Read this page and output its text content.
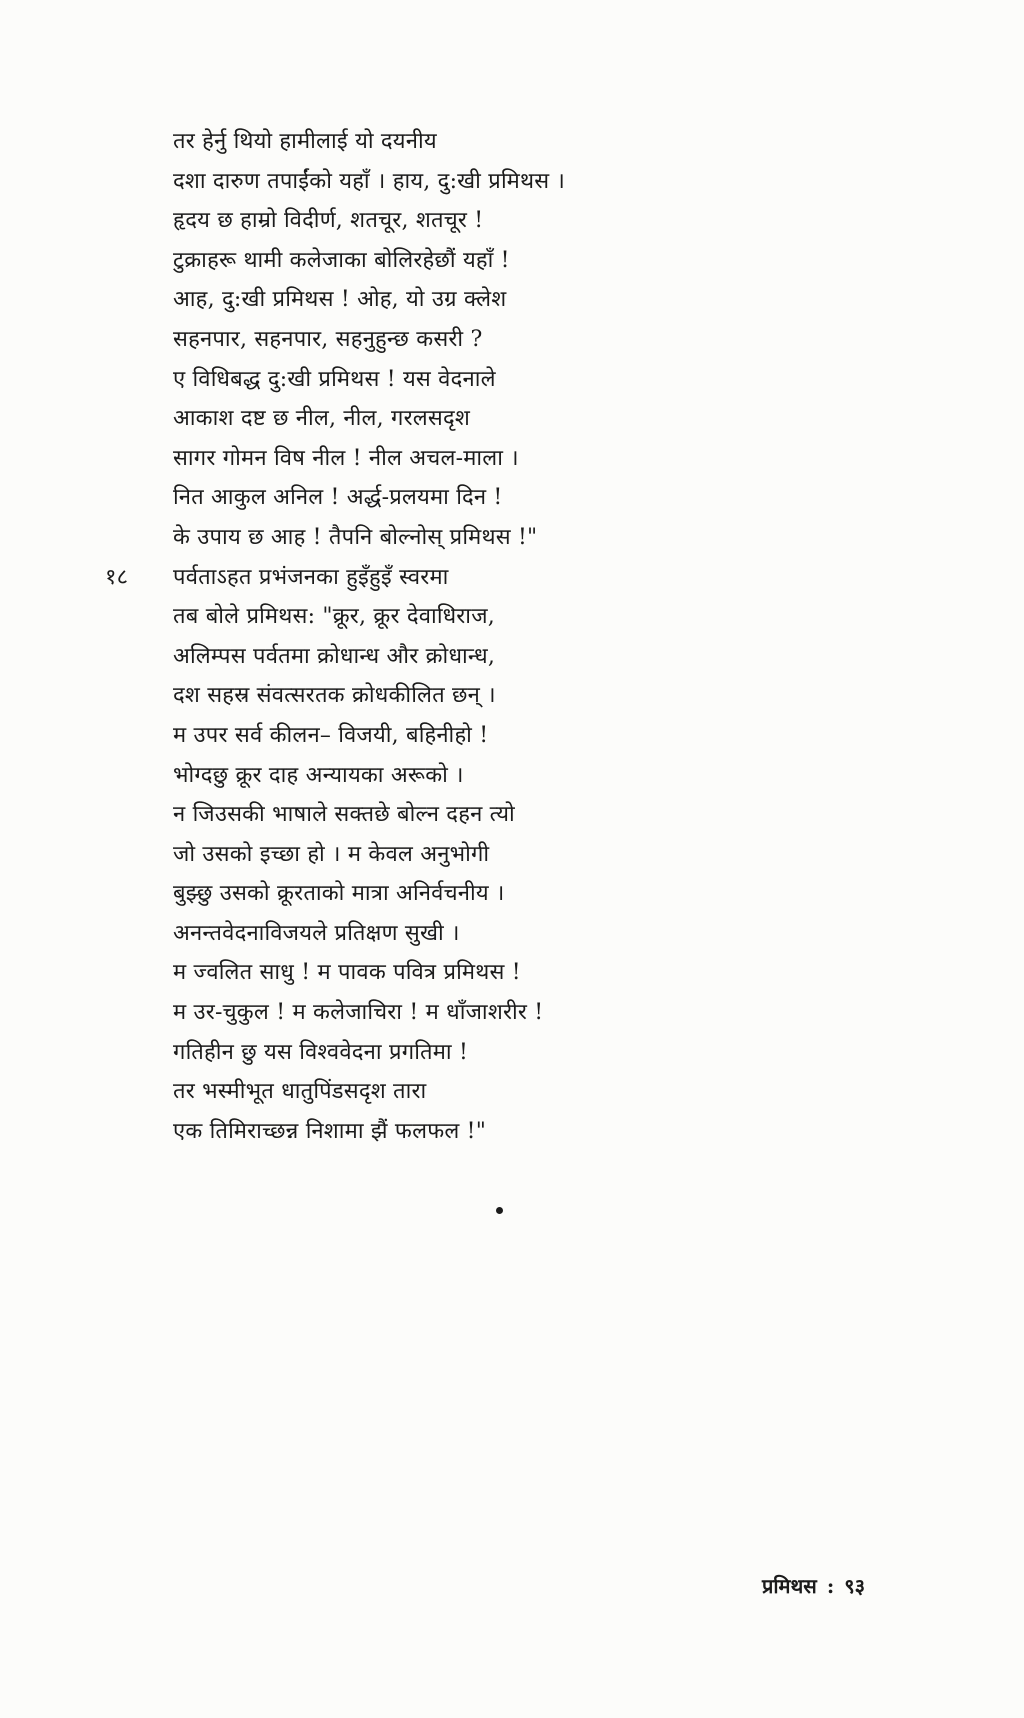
तर हेर्नु थियो हामीलाई यो दयनीय
दशा दारुण तपाईंको यहाँ । हाय, दु:खी प्रमिथस ।
हृदय छ हाम्रो विदीर्ण, शतचूर, शतचूर !
टुक्राहरू थामी कलेजाका बोलिरहेछौं यहाँ !
आह, दु:खी प्रमिथस ! ओह, यो उग्र क्लेश
सहनपार, सहनपार, सहनुहुन्छ कसरी ?
ए विधिबद्ध दु:खी प्रमिथस ! यस वेदनाले
आकाश दष्ट छ नील, नील, गरलसदृश
सागर गोमन विष नील ! नील अचल-माला ।
नित आकुल अनिल ! अर्द्ध-प्रलयमा दिन !
के उपाय छ आह ! तैपनि बोल्नोस् प्रमिथस !"
१८ पर्वताऽहत प्रभंजनका हुइँहुइँ स्वरमा
तब बोले प्रमिथस: "क्रूर, क्रूर देवाधिराज,
अलिम्पस पर्वतमा क्रोधान्ध और क्रोधान्ध,
दश सहस्र संवत्सरतक क्रोधकीलित छन् ।
म उपर सर्व कीलन– विजयी, बहिनीहो !
भोग्दछु क्रूर दाह अन्यायका अरूको ।
न जिउसकी भाषाले सक्तछे बोल्न दहन त्यो
जो उसको इच्छा हो । म केवल अनुभोगी
बुझ्छु उसको क्रूरताको मात्रा अनिर्वचनीय ।
अनन्तवेदनाविजयले प्रतिक्षण सुखी ।
म ज्वलित साधु ! म पावक पवित्र प्रमिथस !
म उर-चुकुल ! म कलेजाचिरा ! म धाँजाशरीर !
गतिहीन छु यस विश्ववेदना प्रगतिमा !
तर भस्मीभूत धातुपिंडसदृश तारा
एक तिमिराच्छन्न निशामा झैं फलफल !"
प्रमिथस : ९३
